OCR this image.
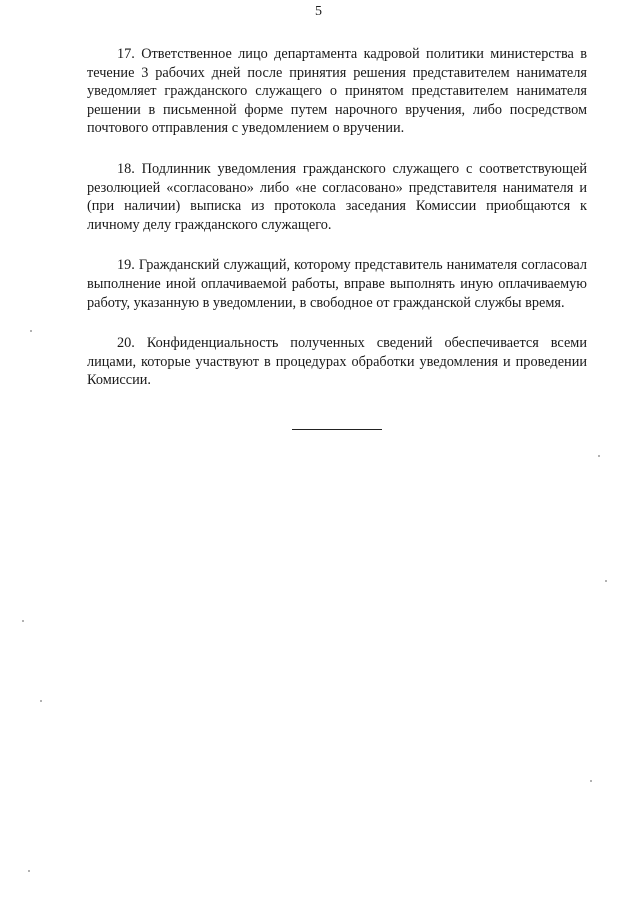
5

17. Ответственное лицо департамента кадровой политики министерства в течение 3 рабочих дней после принятия решения представителем нанимателя уведомляет гражданского служащего о принятом представителем нанимателя решении в письменной форме путем нарочного вручения, либо посредством почтового отправления с уведомлением о вручении.

18. Подлинник уведомления гражданского служащего с соответствующей резолюцией «согласовано» либо «не согласовано» представителя нанимателя и (при наличии) выписка из протокола заседания Комиссии приобщаются к личному делу гражданского служащего.

19. Гражданский служащий, которому представитель нанимателя согласовал выполнение иной оплачиваемой работы, вправе выполнять иную оплачиваемую работу, указанную в уведомлении, в свободное от гражданской службы время.

20. Конфиденциальность полученных сведений обеспечивается всеми лицами, которые участвуют в процедурах обработки уведомления и проведении Комиссии.
